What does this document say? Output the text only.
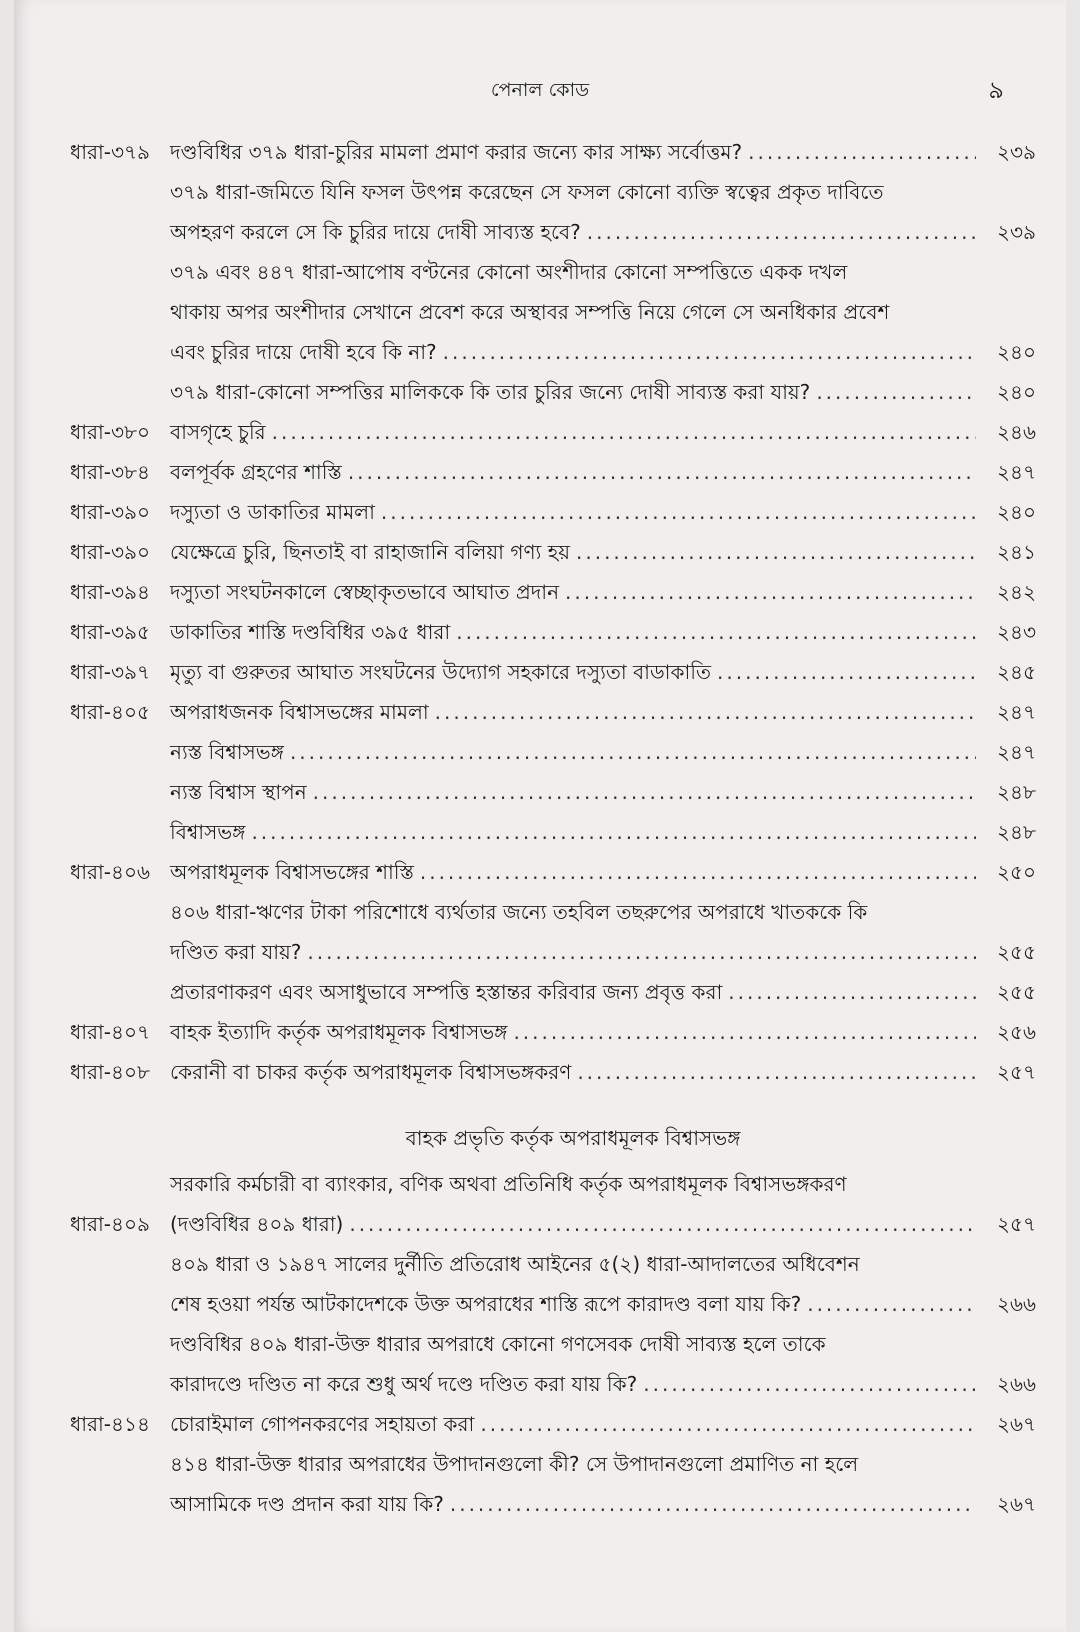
পেনাল কোড	৯
ধারা-৩৭৯ দণ্ডবিধির ৩৭৯ ধারা-চুরির মামলা প্রমাণ করার জন্যে কার সাক্ষ্য সর্বোত্তম? .....	২৩৯
৩৭৯ ধারা-জমিতে যিনি ফসল উৎপন্ন করেছেন সে ফসল কোনো ব্যক্তি স্বত্বের প্রকৃত দাবিতে
অপহরণ করলে সে কি চুরির দায়ে দোষী সাব্যস্ত হবে? .....	২৩৯
৩৭৯ এবং ৪৪৭ ধারা-আপোষ বণ্টনের কোনো অংশীদার কোনো সম্পত্তিতে একক দখল
থাকায় অপর অংশীদার সেখানে প্রবেশ করে অস্থাবর সম্পত্তি নিয়ে গেলে সে অনধিকার প্রবেশ
এবং চুরির দায়ে দোষী হবে কি না? .....	২৪০
৩৭৯ ধারা-কোনো সম্পত্তির মালিককে কি তার চুরির জন্যে দোষী সাব্যস্ত করা যায়? .....	২৪০
ধারা-৩৮০ বাসগৃহে চুরি .....	২৪৬
ধারা-৩৮৪	বলপূর্বক গ্রহণের শাস্তি .....	২৪৭
ধারা-৩৯০ দস্যুতা ও ডাকাতির মামলা .....	২৪০
ধারা-৩৯০ যেক্ষেত্রে চুরি, ছিনতাই বা রাহাজানি বলিয়া গণ্য হয় .....	২৪১
ধারা-৩৯৪	দস্যুতা সংঘটনকালে স্বেচ্ছাকৃতভাবে আঘাত প্রদান .....	২৪২
ধারা-৩৯৫	ডাকাতির শাস্তি দণ্ডবিধির ৩৯৫ ধারা .....	২৪৩
ধারা-৩৯৭ মৃত্যু বা গুরুতর আঘাত সংঘটনের উদ্যোগ সহকারে দস্যুতা বাডাকাতি .....	২৪৫
ধারা-৪০৫	অপরাধজনক বিশ্বাসভঙ্গের মামলা .....	২৪৭
ন্যস্ত বিশ্বাসভঙ্গ .....	২৪৭
ন্যস্ত বিশ্বাস স্থাপন .....	২৪৮
বিশ্বাসভঙ্গ .....	২৪৮
ধারা-৪০৬ অপরাধমূলক বিশ্বাসভঙ্গের শাস্তি .....	২৫০
৪০৬ ধারা-ঋণের টাকা পরিশোধে ব্যর্থতার জন্যে তহবিল তছরুপের অপরাধে খাতককে কি
দণ্ডিত করা যায়? .....	২৫৫
প্রতারণাকরণ এবং অসাধুভাবে সম্পত্তি হস্তান্তর করিবার জন্য প্রবৃত্ত করা .....	২৫৫
ধারা-৪০৭ বাহক ইত্যাদি কর্তৃক অপরাধমূলক বিশ্বাসভঙ্গ .....	২৫৬
ধারা-৪০৮	কেরানী বা চাকর কর্তৃক অপরাধমূলক বিশ্বাসভঙ্গকরণ .....	২৫৭
বাহক প্রভৃতি কর্তৃক অপরাধমূলক বিশ্বাসভঙ্গ
ধারা-৪০৯
সরকারি কর্মচারী বা ব্যাংকার, বণিক অথবা প্রতিনিধি কর্তৃক অপরাধমূলক বিশ্বাসভঙ্গকরণ
(দণ্ডবিধির ৪০৯ ধারা) .....	২৫৭
৪০৯ ধারা ও ১৯৪৭ সালের দুর্নীতি প্রতিরোধ আইনের ৫(২) ধারা-আদালতের অধিবেশন
শেষ হওয়া পর্যন্ত আটকাদেশকে উক্ত অপরাধের শাস্তি রূপে কারাদণ্ড বলা যায় কি? .....	২৬৬
দণ্ডবিধির ৪০৯ ধারা-উক্ত ধারার অপরাধে কোনো গণসেবক দোষী সাব্যস্ত হলে তাকে
কারাদণ্ডে দণ্ডিত না করে শুধু অর্থ দণ্ডে দণ্ডিত করা যায় কি? .....	২৬৬
ধারা-৪১৪	চোরাইমাল গোপনকরণের সহায়তা করা .....	২৬৭
৪১৪ ধারা-উক্ত ধারার অপরাধের উপাদানগুলো কী? সে উপাদানগুলো প্রমাণিত না হলে
আসামিকে দণ্ড প্রদান করা যায় কি? .....	২৬৭
